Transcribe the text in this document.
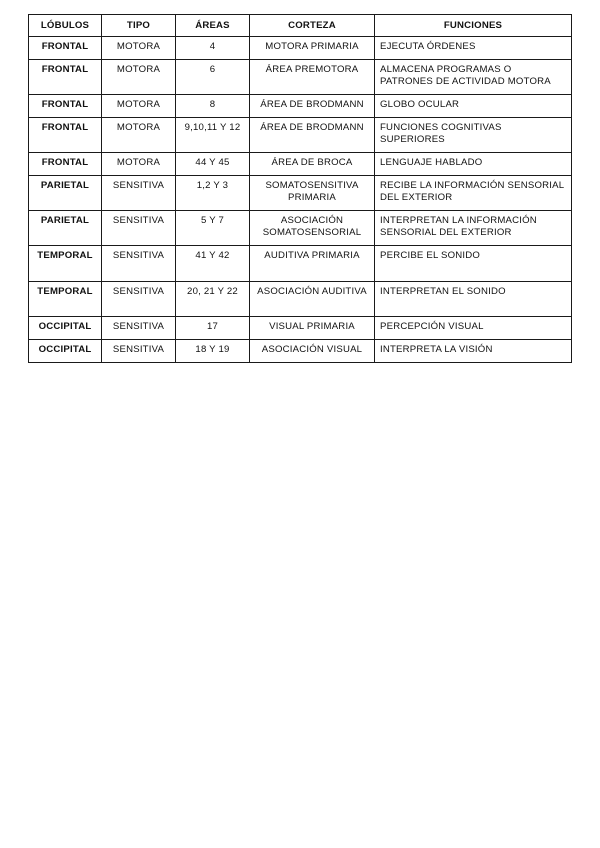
LÓBULOS	TIPO	ÁREAS	CORTEZA	FUNCIONES
FRONTAL	MOTORA	4	MOTORA PRIMARIA	EJECUTA ÓRDENES
FRONTAL	MOTORA	6	ÁREA PREMOTORA	ALMACENA PROGRAMAS O PATRONES DE ACTIVIDAD MOTORA
FRONTAL	MOTORA	8	ÁREA DE BRODMANN	GLOBO OCULAR
FRONTAL	MOTORA	9,10,11 Y 12	ÁREA DE BRODMANN	FUNCIONES COGNITIVAS SUPERIORES
FRONTAL	MOTORA	44 Y 45	ÁREA DE BROCA	LENGUAJE HABLADO
PARIETAL	SENSITIVA	1,2 Y 3	SOMATOSENSITIVA PRIMARIA	RECIBE LA INFORMACIÓN SENSORIAL DEL EXTERIOR
PARIETAL	SENSITIVA	5 Y 7	ASOCIACIÓN SOMATOSENSORIAL	INTERPRETAN LA INFORMACIÓN SENSORIAL DEL EXTERIOR
TEMPORAL	SENSITIVA	41 Y 42	AUDITIVA PRIMARIA	PERCIBE EL SONIDO
TEMPORAL	SENSITIVA	20, 21 Y 22	ASOCIACIÓN AUDITIVA	INTERPRETAN EL SONIDO
OCCIPITAL	SENSITIVA	17	VISUAL PRIMARIA	PERCEPCIÓN VISUAL
OCCIPITAL	SENSITIVA	18 Y 19	ASOCIACIÓN VISUAL	INTERPRETA LA VISIÓN
